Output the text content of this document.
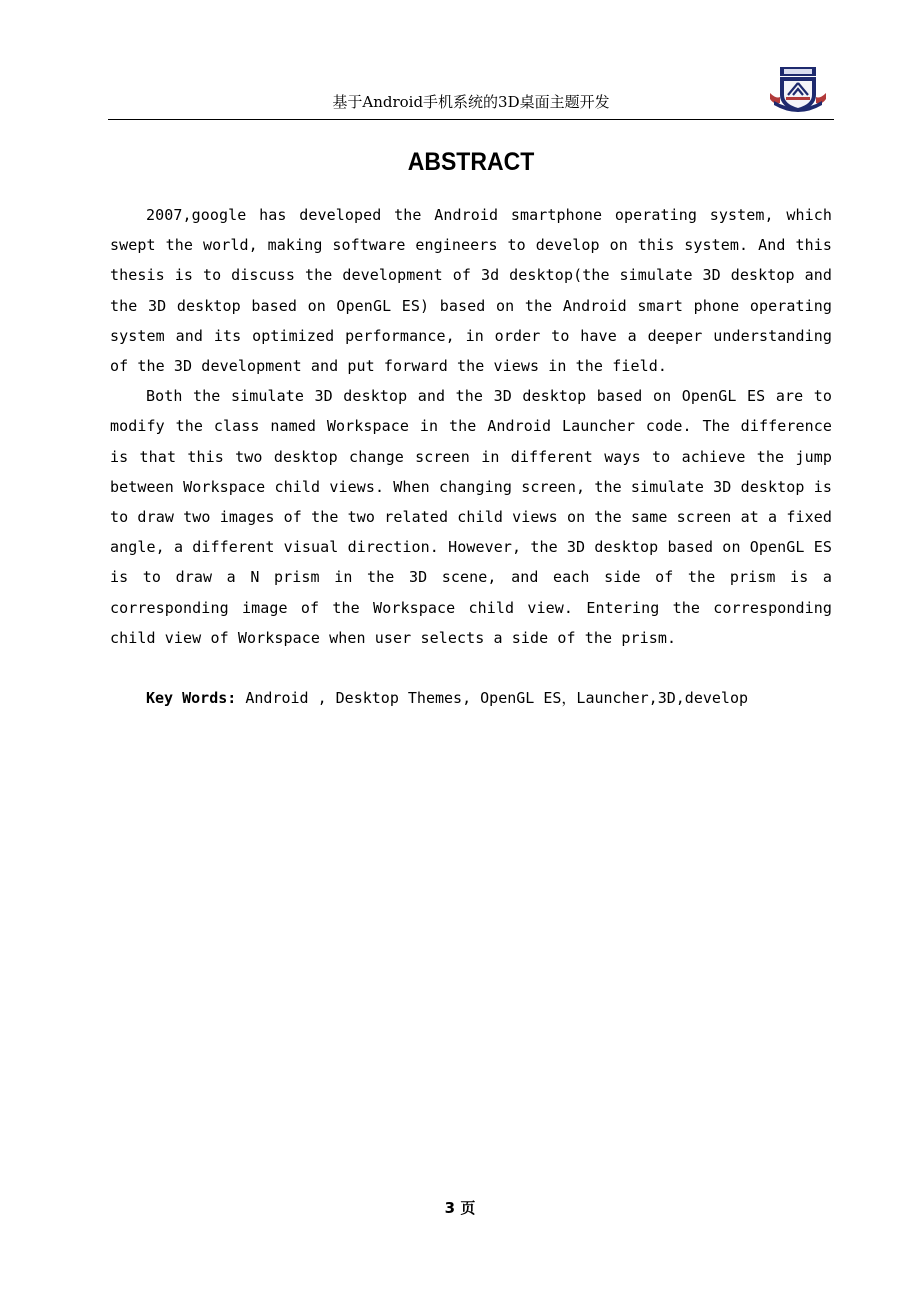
基于Android手机系统的3D桌面主题开发
ABSTRACT

2007,google has developed the Android smartphone operating system, which swept the world, making software engineers to develop on this system. And this thesis is to discuss the development of 3d desktop(the simulate 3D desktop and the 3D desktop based on OpenGL ES) based on the Android smart phone operating system and its optimized performance, in order to have a deeper understanding of the 3D development and put forward the views in the field.

Both the simulate 3D desktop and the 3D desktop based on OpenGL ES are to modify the class named Workspace in the Android Launcher code. The difference is that this two desktop change screen in different ways to achieve the jump between Workspace child views. When changing screen, the simulate 3D desktop is to draw two images of the two related child views on the same screen at a fixed angle, a different visual direction. However, the 3D desktop based on OpenGL ES is to draw a N prism in the 3D scene, and each side of the prism is a corresponding image of the Workspace child view. Entering the corresponding child view of Workspace when user selects a side of the prism.

Key Words: Android , Desktop Themes, OpenGL ES，Launcher,3D,develop
3 页
